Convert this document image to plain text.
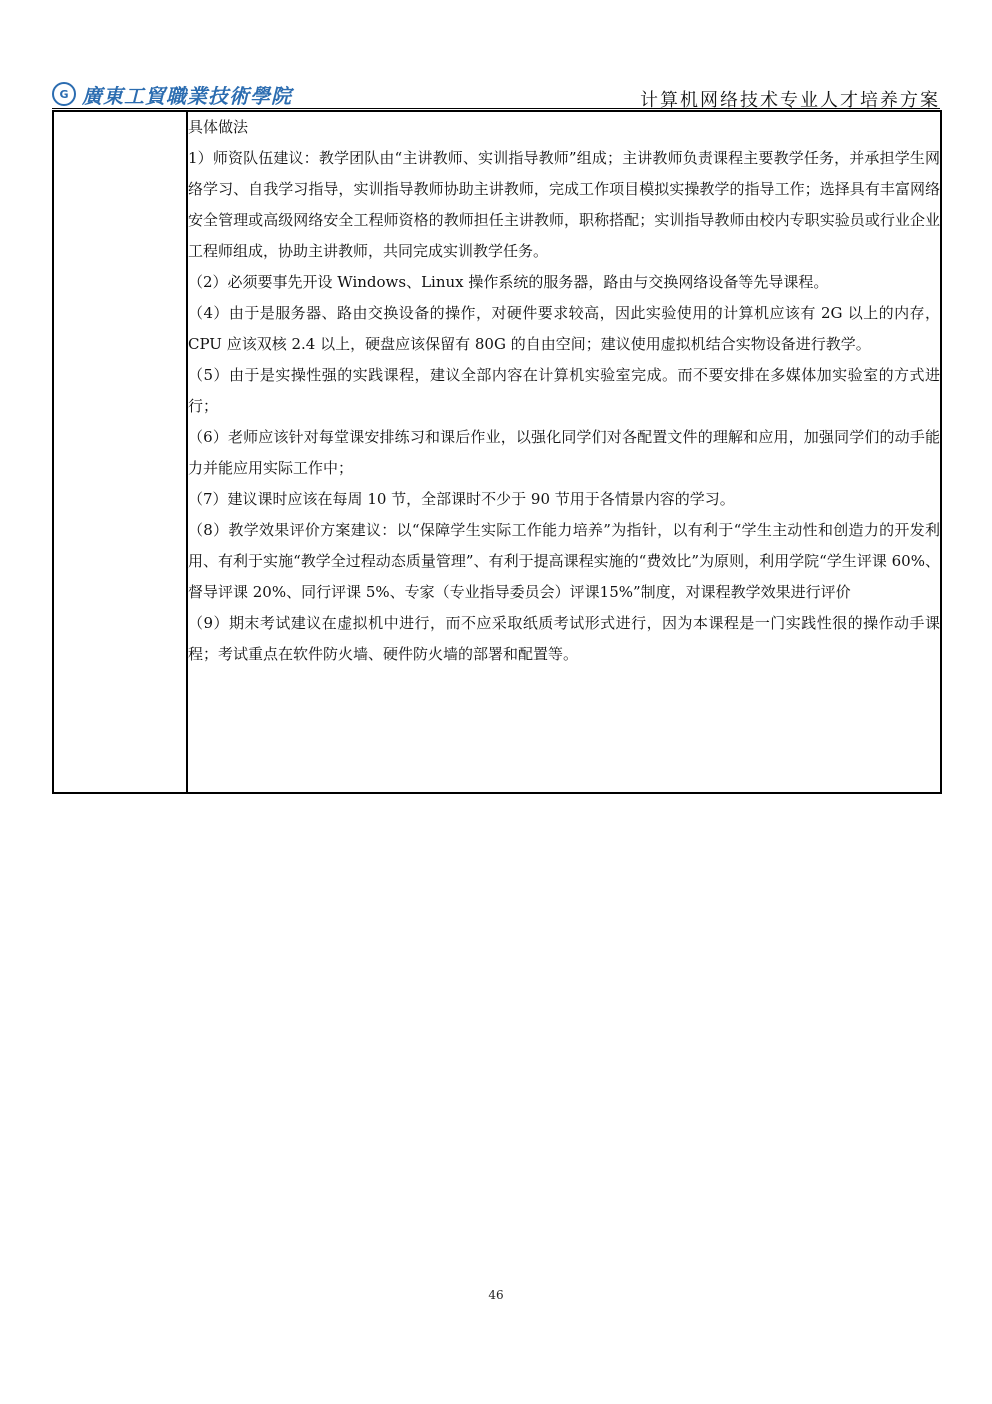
G 廣東工貿職業技術學院	计算机网络技术专业人才培养方案

具体做法

1）师资队伍建议：教学团队由“主讲教师、实训指导教师”组成；主讲教师负责课程主要教学任务，并承担学生网络学习、自我学习指导，实训指导教师协助主讲教师，完成工作项目模拟实操教学的指导工作；选择具有丰富网络安全管理或高级网络安全工程师资格的教师担任主讲教师，职称搭配；实训指导教师由校内专职实验员或行业企业工程师组成，协助主讲教师，共同完成实训教学任务。

（2）必须要事先开设 Windows、Linux 操作系统的服务器，路由与交换网络设备等先导课程。

（4）由于是服务器、路由交换设备的操作，对硬件要求较高，因此实验使用的计算机应该有 2G 以上的内存，CPU 应该双核 2.4 以上，硬盘应该保留有 80G 的自由空间；建议使用虚拟机结合实物设备进行教学。

（5）由于是实操性强的实践课程，建议全部内容在计算机实验室完成。而不要安排在多媒体加实验室的方式进行；

（6）老师应该针对每堂课安排练习和课后作业，以强化同学们对各配置文件的理解和应用，加强同学们的动手能力并能应用实际工作中；

（7）建议课时应该在每周 10 节，全部课时不少于 90 节用于各情景内容的学习。

（8）教学效果评价方案建议：以“保障学生实际工作能力培养”为指针，以有利于“学生主动性和创造力的开发利用、有利于实施“教学全过程动态质量管理”、有利于提高课程实施的“费效比”为原则，利用学院“学生评课 60%、督导评课 20%、同行评课 5%、专家（专业指导委员会）评课15%”制度，对课程教学效果进行评价

（9）期末考试建议在虚拟机中进行，而不应采取纸质考试形式进行，因为本课程是一门实践性很的操作动手课程；考试重点在软件防火墙、硬件防火墙的部署和配置等。

46
